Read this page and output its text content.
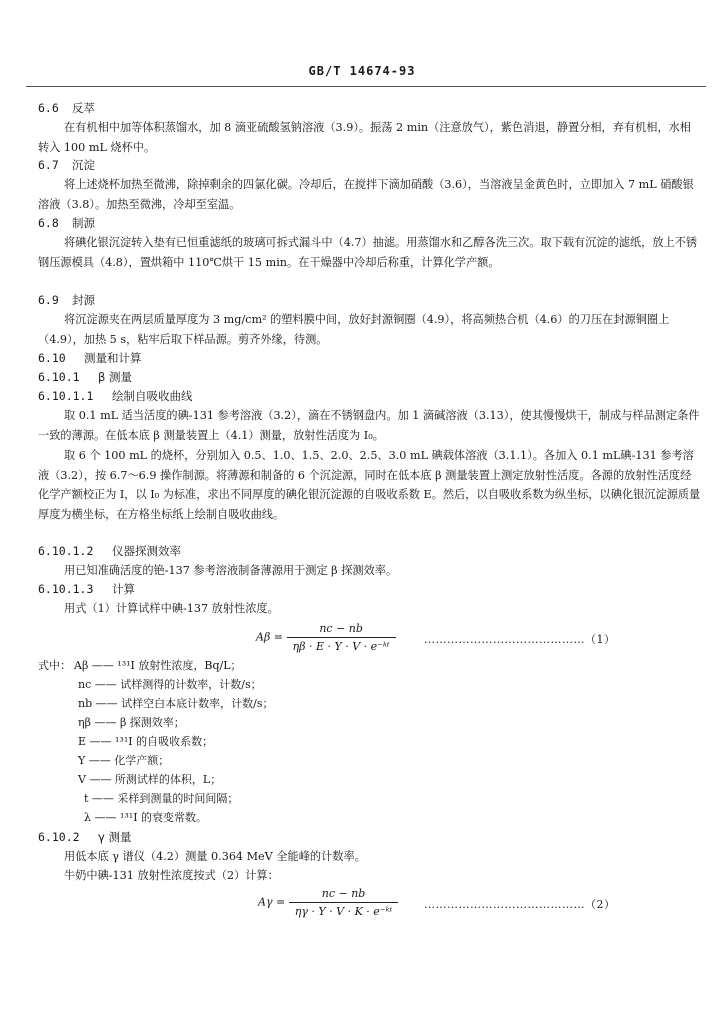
GB/T 14674-93
6.6 反萃
在有机相中加等体积蒸馏水，加 8 滴亚硫酸氢钠溶液（3.9）。振荡 2 min（注意放气），紫色消退，静置分相，弃有机相，水相转入 100 mL 烧杯中。
6.7 沉淀
将上述烧杯加热至微沸，除掉剩余的四氯化碳。冷却后，在搅拌下滴加硝酸（3.6），当溶液呈金黄色时，立即加入 7 mL 硝酸银溶液（3.8）。加热至微沸，冷却至室温。
6.8 制源
将碘化银沉淀转入垫有已恒重滤纸的玻璃可拆式漏斗中（4.7）抽滤。用蒸馏水和乙醇各洗三次。取下载有沉淀的滤纸，放上不锈钢压源模具（4.8），置烘箱中 110℃烘干 15 min。在干燥器中冷却后称重，计算化学产额。
6.9 封源
将沉淀源夹在两层质量厚度为 3 mg/cm² 的塑料膜中间，放好封源铜圈（4.9），将高频热合机（4.6）的刀压在封源铜圈上（4.9），加热 5 s，粘牢后取下样品源。剪齐外缘，待测。
6.10 测量和计算
6.10.1 β 测量
6.10.1.1 绘制自吸收曲线
取 0.1 mL 适当活度的碘-131 参考溶液（3.2），滴在不锈钢盘内。加 1 滴碱溶液（3.13），使其慢慢烘干，制成与样品测定条件一致的薄源。在低本底 β 测量装置上（4.1）测量，放射性活度为 I₀。
取 6 个 100 mL 的烧杯，分别加入 0.5、1.0、1.5、2.0、2.5、3.0 mL 碘载体溶液（3.1.1）。各加入 0.1 mL碘-131 参考溶液（3.2），按 6.7～6.9 操作制源。将薄源和制备的 6 个沉淀源，同时在低本底 β 测量装置上测定放射性活度。各源的放射性活度经化学产额校正为 I，以 I₀ 为标准，求出不同厚度的碘化银沉淀源的自吸收系数 E。然后，以自吸收系数为纵坐标，以碘化银沉淀源质量厚度为横坐标，在方格坐标纸上绘制自吸收曲线。
6.10.1.2 仪器探测效率
用已知准确活度的铯-137 参考溶液制备薄源用于测定 β 探测效率。
6.10.1.3 计算
用式（1）计算试样中碘-137 放射性浓度。
$A\beta = \frac{nc - nb}{\text{ηβ · E · Y · V · e⁻ᵏᵗ}}$	……………………………………（1）
式中： Aβ —— ¹³¹I 放射性浓度，Bq/L；
nc —— 试样测得的计数率，计数/s；
nb —— 试样空白本底计数率，计数/s；
ηβ —— β 探测效率；
E —— ¹³¹I 的自吸收系数；
Y —— 化学产额；
V —— 所测试样的体积，L；
t —— 采样到测量的时间间隔；
λ —— ¹³¹I 的衰变常数。
6.10.2 γ 测量
用低本底 γ 谱仪（4.2）测量 0.364 MeV 全能峰的计数率。
牛奶中碘-131 放射性浓度按式（2）计算：
$A\gamma = \frac{nc - nb}{\text{ηγ · Y · V · K · e⁻ᵏᵗ}}$ ……………………………………（2）
